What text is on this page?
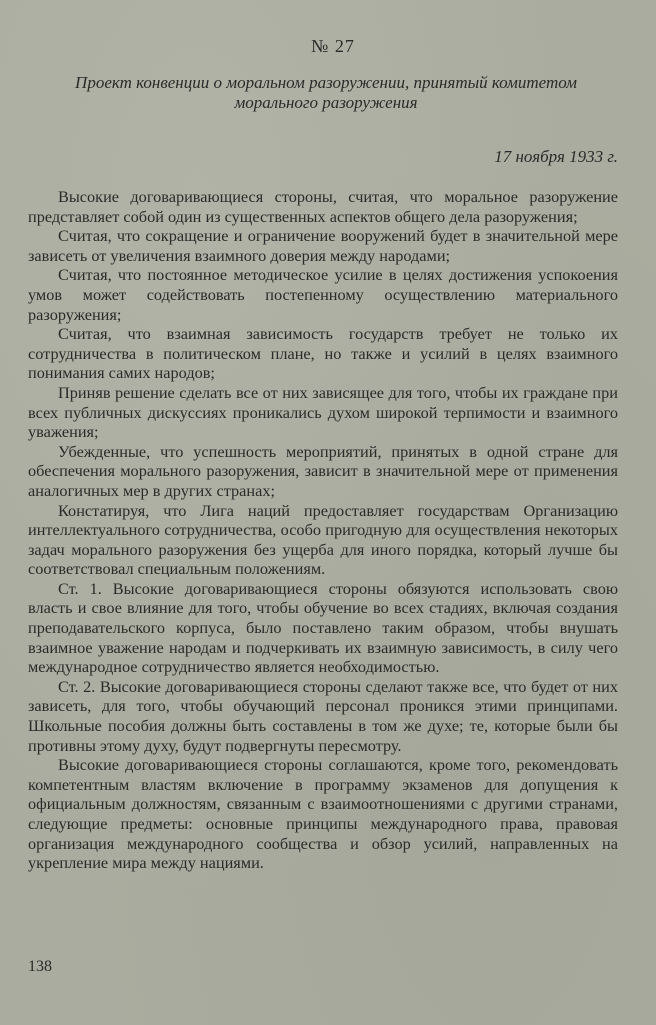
№ 27
Проект конвенции о моральном разоружении, принятый комитетом
морального разоружения
17 ноября 1933 г.

Высокие договаривающиеся стороны, считая, что моральное разоружение представляет собой один из существенных аспектов общего дела разоружения;

Считая, что сокращение и ограничение вооружений будет в значительной мере зависеть от увеличения взаимного доверия между народами;

Считая, что постоянное методическое усилие в целях достижения успокоения умов может содействовать постепенному осуществлению материального разоружения;

Считая, что взаимная зависимость государств требует не только их сотрудничества в политическом плане, но также и усилий в целях взаимного понимания самих народов;

Приняв решение сделать все от них зависящее для того, чтобы их граждане при всех публичных дискуссиях проникались духом широкой терпимости и взаимного уважения;

Убежденные, что успешность мероприятий, принятых в одной стране для обеспечения морального разоружения, зависит в значительной мере от применения аналогичных мер в других странах;

Констатируя, что Лига наций предоставляет государствам Организацию интеллектуального сотрудничества, особо пригодную для осуществления некоторых задач морального разоружения без ущерба для иного порядка, который лучше бы соответствовал специальным положениям.

Ст. 1. Высокие договаривающиеся стороны обязуются использовать свою власть и свое влияние для того, чтобы обучение во всех стадиях, включая создания преподавательского корпуса, было поставлено таким образом, чтобы внушать взаимное уважение народам и подчеркивать их взаимную зависимость, в силу чего международное сотрудничество является необходимостью.

Ст. 2. Высокие договаривающиеся стороны сделают также все, что будет от них зависеть, для того, чтобы обучающий персонал проникся этими принципами. Школьные пособия должны быть составлены в том же духе; те, которые были бы противны этому духу, будут подвергнуты пересмотру.

Высокие договаривающиеся стороны соглашаются, кроме того, рекомендовать компетентным властям включение в программу экзаменов для допущения к официальным должностям, связанным с взаимоотношениями с другими странами, следующие предметы: основные принципы международного права, правовая организация международного сообщества и обзор усилий, направленных на укрепление мира между нациями.

138
